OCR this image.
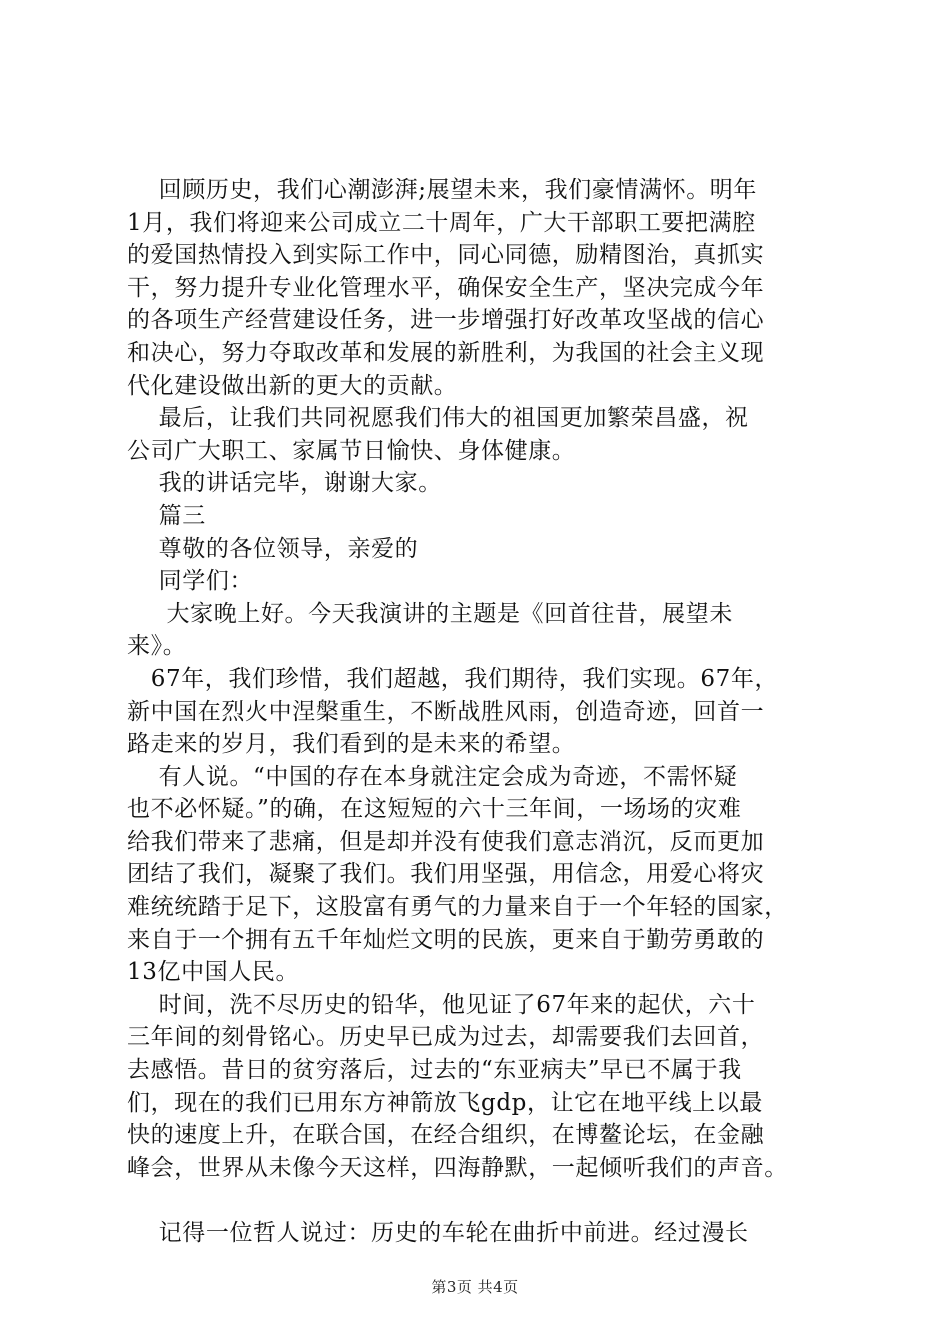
回顾历史，我们心潮澎湃;展望未来，我们豪情满怀。明年
1月，我们将迎来公司成立二十周年，广大干部职工要把满腔
的爱国热情投入到实际工作中，同心同德，励精图治，真抓实
干，努力提升专业化管理水平，确保安全生产，坚决完成今年
的各项生产经营建设任务，进一步增强打好改革攻坚战的信心
和决心，努力夺取改革和发展的新胜利，为我国的社会主义现
代化建设做出新的更大的贡献。
最后，让我们共同祝愿我们伟大的祖国更加繁荣昌盛，祝
公司广大职工、家属节日愉快、身体健康。
我的讲话完毕，谢谢大家。
篇三
尊敬的各位领导，亲爱的
同学们：
大家晚上好。今天我演讲的主题是《回首往昔，展望未
来》。
67年，我们珍惜，我们超越，我们期待，我们实现。67年，
新中国在烈火中涅槃重生，不断战胜风雨，创造奇迹，回首一
路走来的岁月，我们看到的是未来的希望。
有人说。“中国的存在本身就注定会成为奇迹，不需怀疑
也不必怀疑。”的确，在这短短的六十三年间，一场场的灾难
给我们带来了悲痛，但是却并没有使我们意志消沉，反而更加
团结了我们，凝聚了我们。我们用坚强，用信念，用爱心将灾
难统统踏于足下，这股富有勇气的力量来自于一个年轻的国家，
来自于一个拥有五千年灿烂文明的民族，更来自于勤劳勇敢的
13亿中国人民。
时间，洗不尽历史的铅华，他见证了67年来的起伏，六十
三年间的刻骨铭心。历史早已成为过去，却需要我们去回首，
去感悟。昔日的贫穷落后，过去的“东亚病夫”早已不属于我
们，现在的我们已用东方神箭放飞gdp，让它在地平线上以最
快的速度上升，在联合国，在经合组织，在博鳌论坛，在金融
峰会，世界从未像今天这样，四海静默，一起倾听我们的声音。
记得一位哲人说过：历史的车轮在曲折中前进。经过漫长
第3页 共4页
